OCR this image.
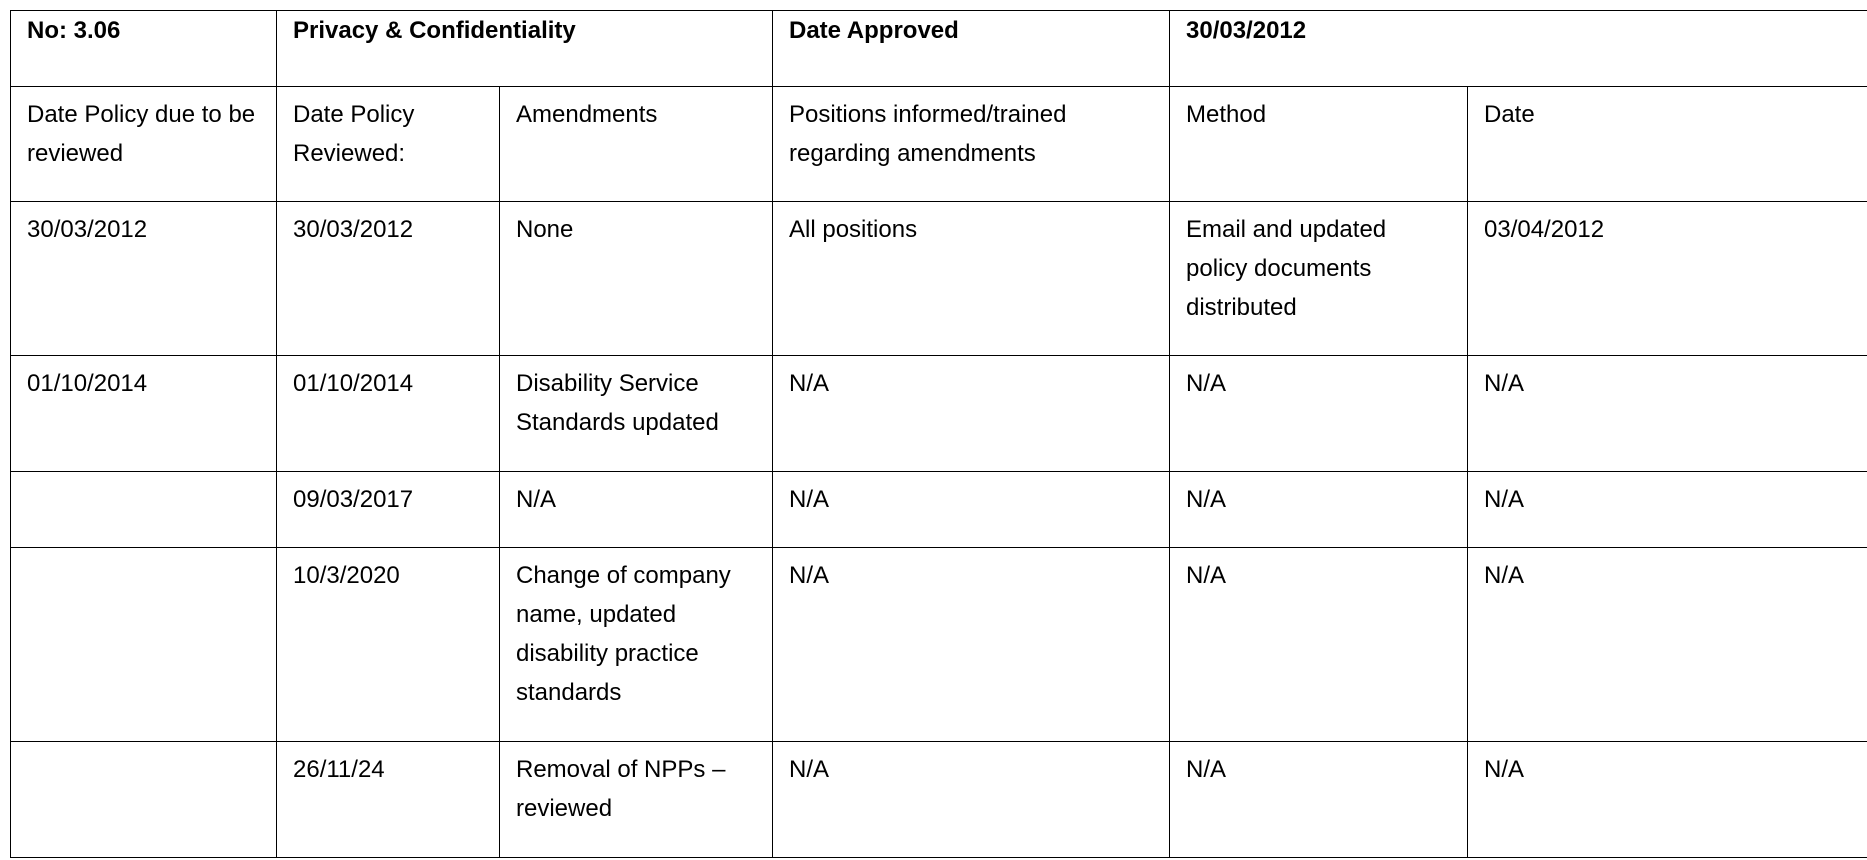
No: 3.06	Privacy & Confidentiality		Date Approved	30/03/2012	
Date Policy due to be reviewed	Date Policy Reviewed:	Amendments	Positions informed/trained regarding amendments	Method	Date
30/03/2012	30/03/2012	None	All positions	Email and updated policy documents distributed	03/04/2012
01/10/2014	01/10/2014	Disability Service Standards updated	N/A	N/A	N/A
	09/03/2017	N/A	N/A	N/A	N/A
	10/3/2020	Change of company name, updated disability practice standards	N/A	N/A	N/A
	26/11/24	Removal of NPPs – reviewed	N/A	N/A	N/A
